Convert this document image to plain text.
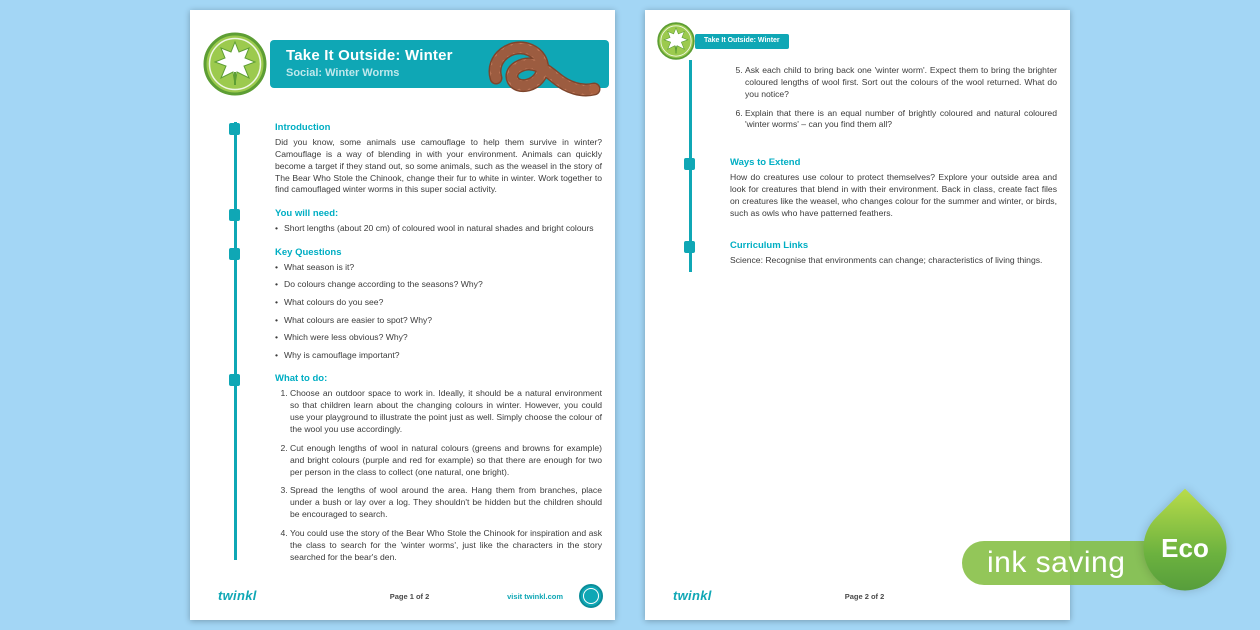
Take It Outside: Winter
Social: Winter Worms
Introduction

Did you know, some animals use camouflage to help them survive in winter? Camouflage is a way of blending in with your environment. Animals can quickly become a target if they stand out, so some animals, such as the weasel in the story of The Bear Who Stole the Chinook, change their fur to white in winter. Work together to find camouflaged winter worms in this super social activity.

You will need:
• Short lengths (about 20 cm) of coloured wool in natural shades and bright colours
Key Questions
• What season is it?
• Do colours change according to the seasons? Why?
• What colours do you see?
• What colours are easier to spot? Why?
• Which were less obvious? Why?
• Why is camouflage important?
What to do:
1. Choose an outdoor space to work in. Ideally, it should be a natural environment so that children learn about the changing colours in winter. However, you could use your playground to illustrate the point just as well. Simply choose the colour of the wool you use accordingly.
2. Cut enough lengths of wool in natural colours (greens and browns for example) and bright colours (purple and red for example) so that there are enough for two per person in the class to collect (one natural, one bright).
3. Spread the lengths of wool around the area. Hang them from branches, place under a bush or lay over a log. They shouldn't be hidden but the children should be encouraged to search.
4. You could use the story of the Bear Who Stole the Chinook for inspiration and ask the class to search for the 'winter worms', just like the characters in the story searched for the bear's den.
twinkl	Page 1 of 2	visit twinkl.com
Take It Outside: Winter
5. Ask each child to bring back one 'winter worm'. Expect them to bring the brighter coloured lengths of wool first. Sort out the colours of the wool returned. What do you notice?
6. Explain that there is an equal number of brightly coloured and natural coloured 'winter worms' – can you find them all?
Ways to Extend

How do creatures use colour to protect themselves? Explore your outside area and look for creatures that blend in with their environment. Back in class, create fact files on creatures like the weasel, who changes colour for the summer and winter, or birds, such as owls who have patterned feathers.

Curriculum Links

Science: Recognise that environments can change; characteristics of living things.

twinkl	Page 2 of 2
ink saving	Eco
